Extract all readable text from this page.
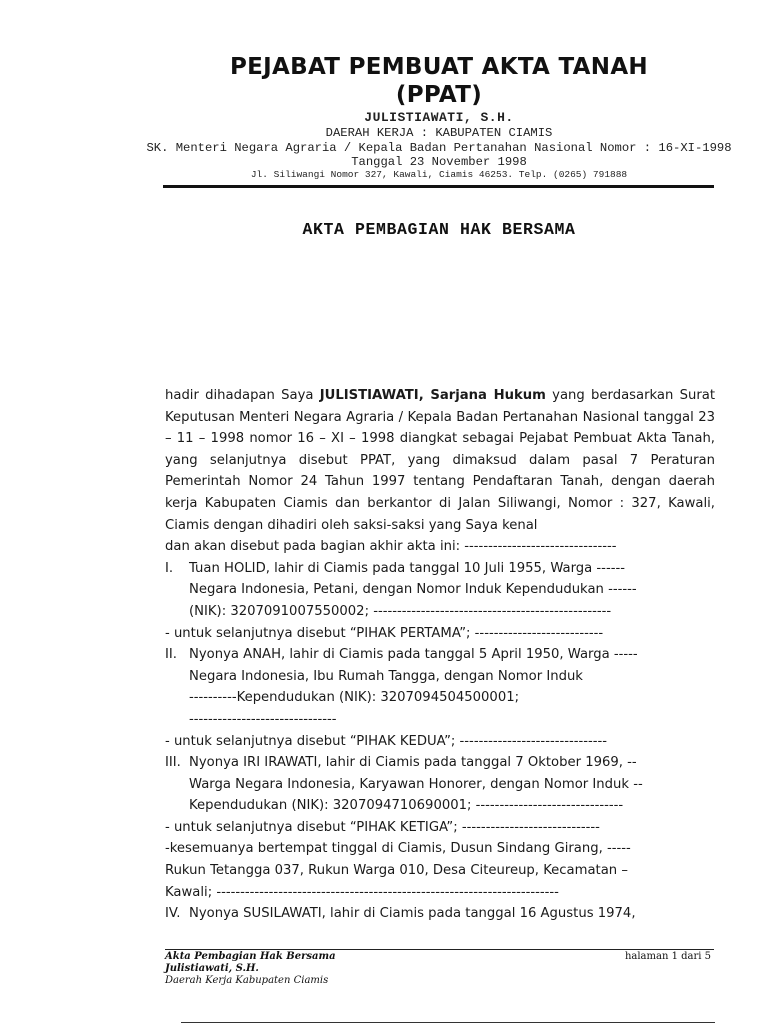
PEJABAT PEMBUAT AKTA TANAH
(PPAT)
JULISTIAWATI, S.H.
DAERAH KERJA : KABUPATEN CIAMIS
SK. Menteri Negara Agraria / Kepala Badan Pertanahan Nasional Nomor : 16-XI-1998
Tanggal 23 November 1998
Jl. Siliwangi Nomor 327, Kawali, Ciamis 46253. Telp. (0265) 791888
AKTA PEMBAGIAN HAK BERSAMA
hadir dihadapan Saya JULISTIAWATI, Sarjana Hukum yang berdasarkan Surat Keputusan Menteri Negara Agraria / Kepala Badan Pertanahan Nasional tanggal 23 – 11 – 1998 nomor 16 – XI – 1998 diangkat sebagai Pejabat Pembuat Akta Tanah, yang selanjutnya disebut PPAT, yang dimaksud dalam pasal 7 Peraturan Pemerintah Nomor 24 Tahun 1997 tentang Pendaftaran Tanah, dengan daerah kerja Kabupaten Ciamis dan berkantor di Jalan Siliwangi, Nomor : 327, Kawali, Ciamis dengan dihadiri oleh saksi-saksi yang Saya kenal
dan akan disebut pada bagian akhir akta ini: --------------------------------
I.	Tuan HOLID, lahir di Ciamis pada tanggal 10 Juli 1955, Warga ------
Negara Indonesia, Petani, dengan Nomor Induk Kependudukan ------
(NIK): 3207091007550002; --------------------------------------------------
- untuk selanjutnya disebut “PIHAK PERTAMA”; ---------------------------
II. Nyonya ANAH, lahir di Ciamis pada tanggal 5 April 1950, Warga -----
Negara Indonesia, Ibu Rumah Tangga, dengan Nomor Induk
----------Kependudukan (NIK): 3207094504500001;
-------------------------------
- untuk selanjutnya disebut “PIHAK KEDUA”; -------------------------------
III. Nyonya IRI IRAWATI, lahir di Ciamis pada tanggal 7 Oktober 1969, --
Warga Negara Indonesia, Karyawan Honorer, dengan Nomor Induk --
Kependudukan (NIK): 3207094710690001; -------------------------------
- untuk selanjutnya disebut “PIHAK KETIGA”; -----------------------------
-kesemuanya bertempat tinggal di Ciamis, Dusun Sindang Girang, -----
Rukun Tetangga 037, Rukun Warga 010, Desa Citeureup, Kecamatan –
Kawali; ------------------------------------------------------------------------
IV. Nyonya SUSILAWATI, lahir di Ciamis pada tanggal 16 Agustus 1974,
Akta Pembagian Hak Bersama
Julistiawati, S.H.
Daerah Kerja Kabupaten Ciamis
halaman 1 dari 5
